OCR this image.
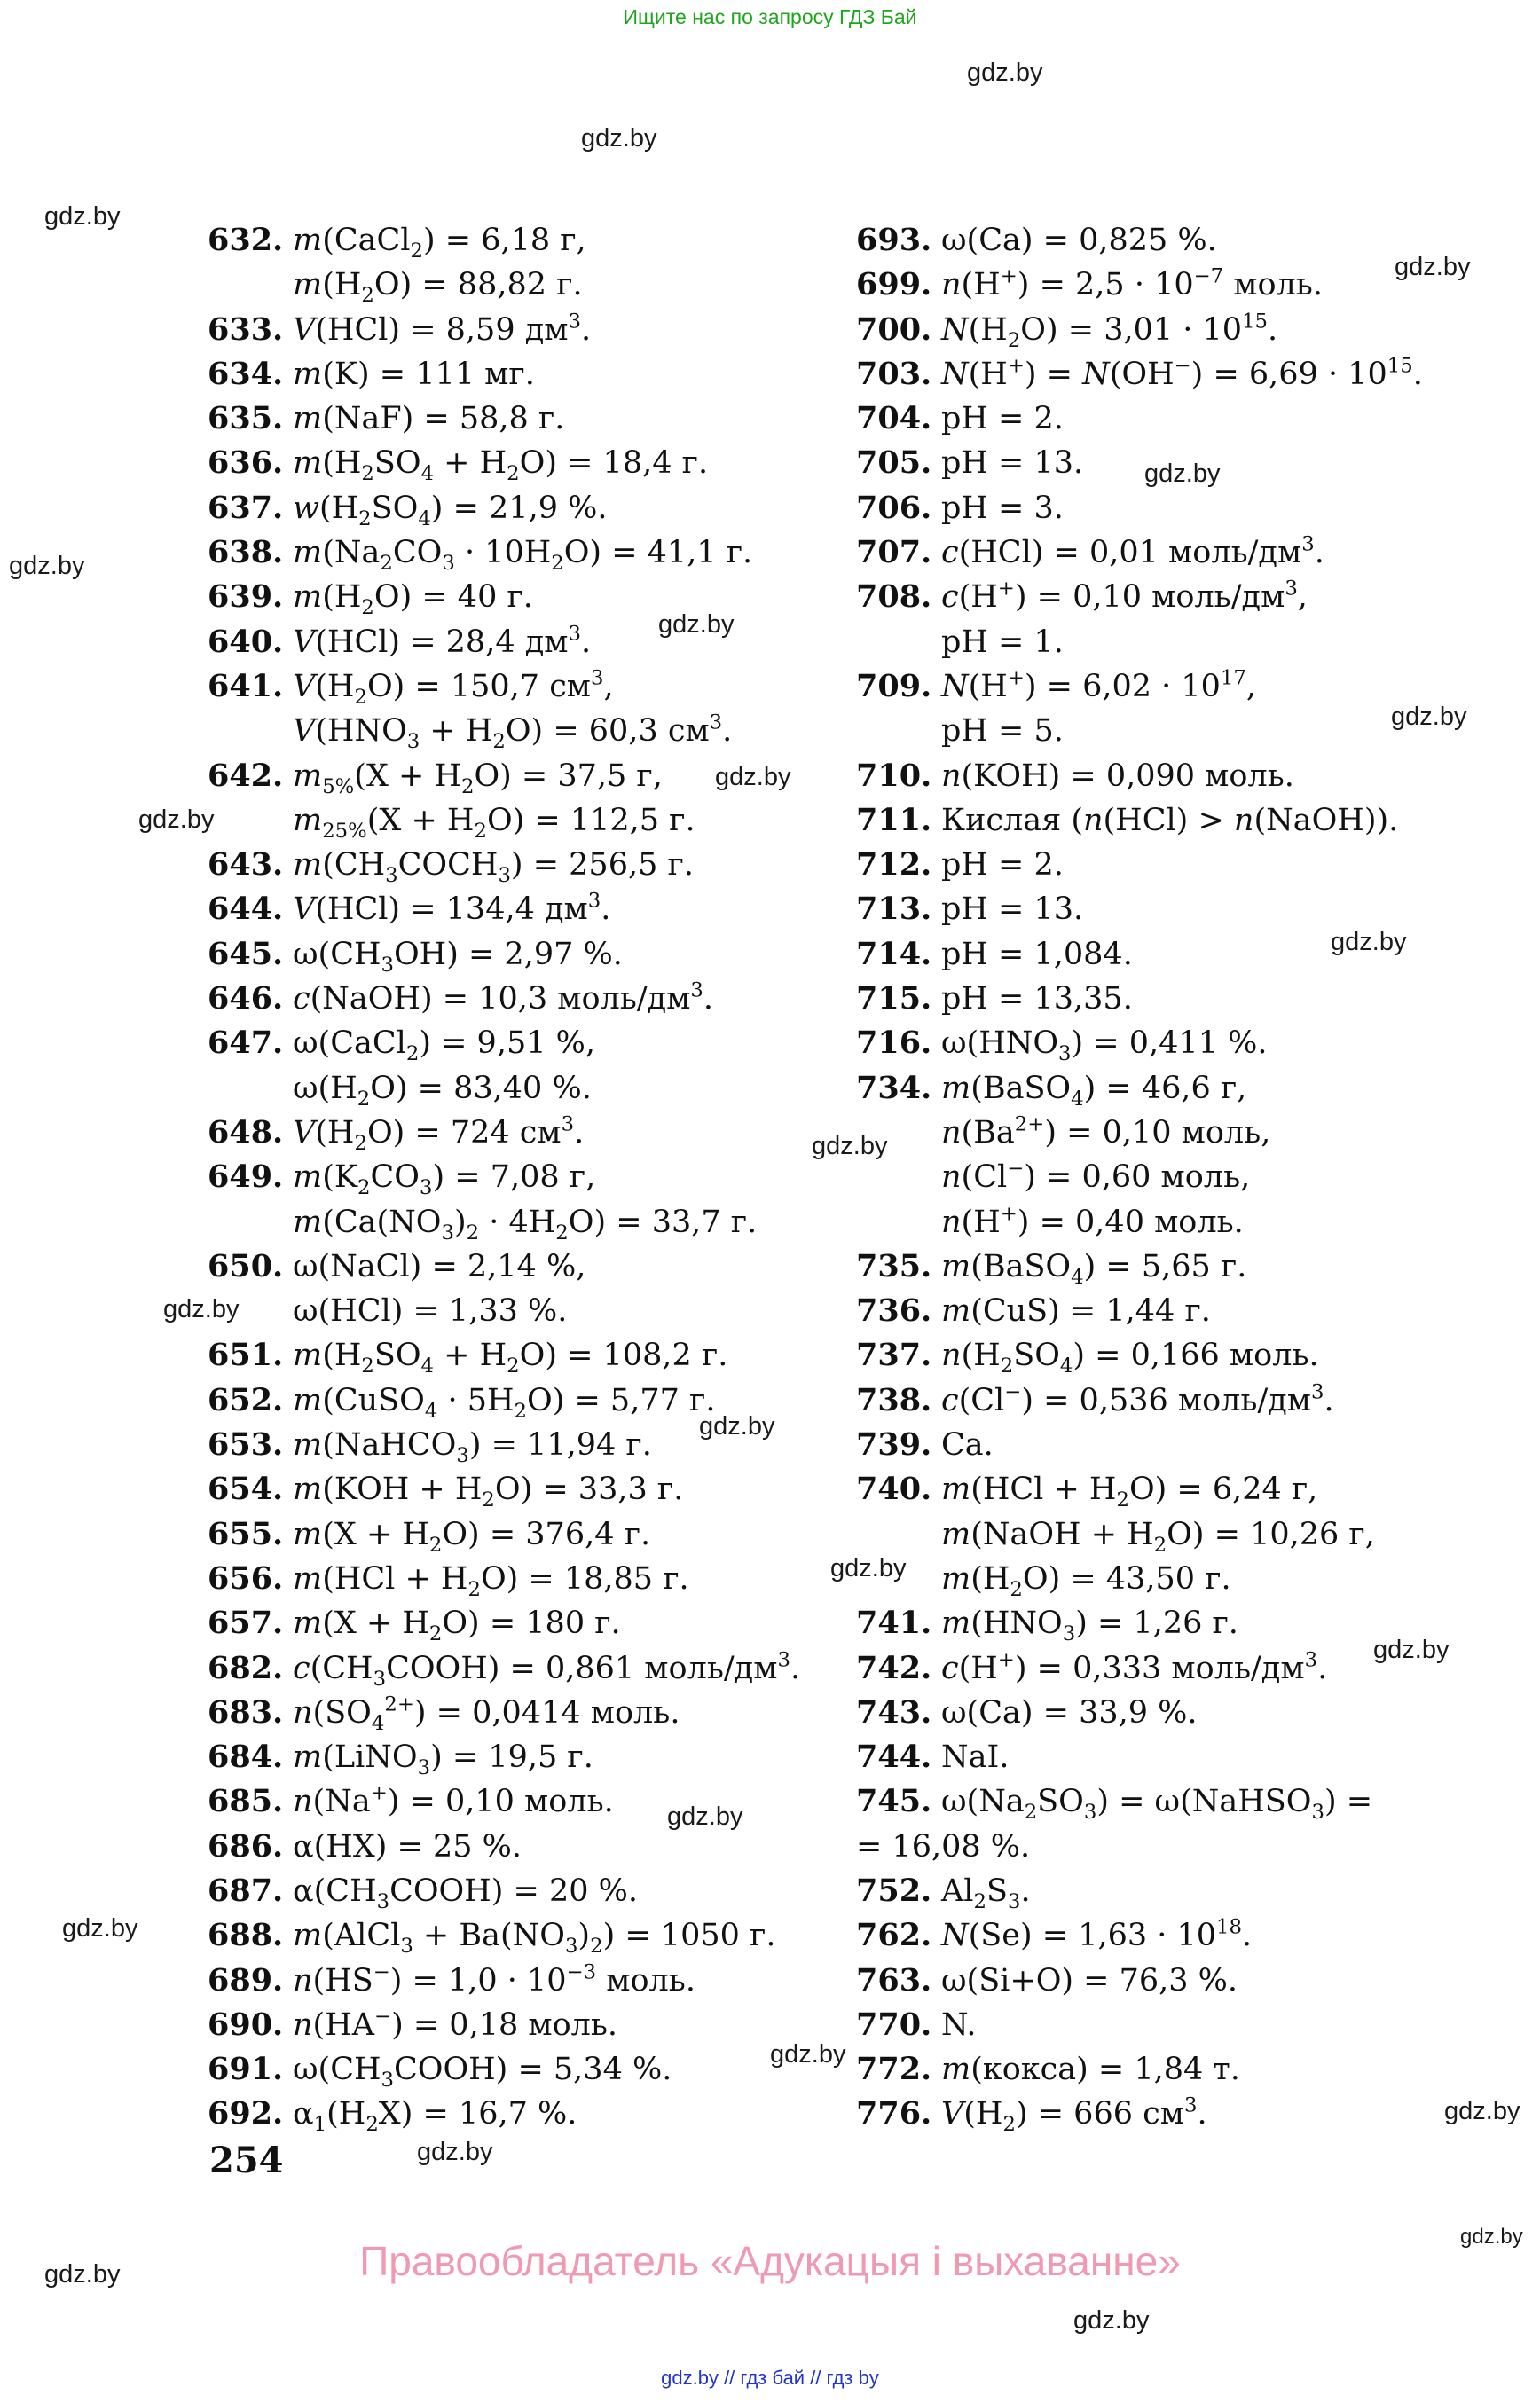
Ищите нас по запросу ГДЗ Бай
gdz.by
gdz.by
gdz.by
gdz.by
gdz.by
gdz.by
gdz.by
gdz.by
gdz.by
gdz.by
gdz.by
gdz.by
gdz.by
gdz.by
gdz.by
gdz.by
gdz.by
gdz.by
gdz.by
gdz.by
gdz.by
gdz.by
gdz.by
gdz.by
632. m(CaCl$_2$) = 6,18 г,
$m(H_2O) = 88,82$ г.
633. V(HCl) = 8,59 $дм^3$.
634. m(K) = 111 мг.
635. m(NaF) = 58,8 г.
636. $m(H_2SO_4 + H_2O) = 18,4$ г.
637. $w(H_2SO_4) = 21,9$ %.
638. $m(Na_2CO_3 \cdot 10H_2O) = 41,1$ г.
639. $m(H_2O) = 40$ г.
640. V(HCl) = 28,4 $дм^3$.
641. $V(H_2O) = 150,7$ $см^3$,
$V(HNO_3 + H_2O) = 60,3$ $см^3$.
642. $m_{5\%}(X + H_2O) = 37,5$ г,
$m_{25\%}(X + H_2O) = 112,5$ г.
643. $m(CH_3COCH_3) = 256,5$ г.
644. V(HCl) = 134,4 $дм^3$.
645. $\omega(CH_3OH) = 2,97$ %.
646. c(NaOH) = 10,3 моль/$дм^3$.
647. ω(CaCl$_2$) = 9,51 %,
$\omega(H_2O) = 83,40$ %.
648. $V(H_2O) = 724$ $см^3$.
649. $m(K_2CO_3) = 7,08$ г,
$m(Ca(NO_3)_2 \cdot 4H_2O) = 33,7$ г.
650. ω(NaCl) = 2,14 %,
ω(HCl) = 1,33 %.
651. $m(H_2SO_4 + H_2O) = 108,2$ г.
652. m(CuSO$_4$ · $5H_2O) = 5,77$ г.
653. m(NaHCO$_3$) = 11,94 г.
654. $m(KOH + H_2O) = 33,3$ г.
655. $m(X + H_2O) = 376,4$ г.
656. $m(HCl + H_2O) = 18,85$ г.
657. $m(X + H_2O) = 180$ г.
682. $c(CH_3COOH) = 0,861$ моль/$дм^3$.
683. $n(SO_4^{2+}) = 0,0414$ моль.
684. m(LiNO$_3$) = 19,5 г.
685. n(Na+) = 0,10 моль.
686. α(HX) = 25 %.
687. $\alpha(CH_3COOH) = 20$ %.
688. m(AlCl$_3$ + $Ba(NO_3)_2) = 1050$ г.
689. $n(HS^-) = 1,0 \cdot 10^{-3}$ моль.
690. n(HA−) = 0,18 моль.
691. $\omega(CH_3COOH) = 5,34$ %.
692. $\alpha_1(H_2X) = 16,7$ %.
693. ω(Ca) = 0,825 %.
699. $n(H^+) = 2,5 \cdot 10^{-7}$ моль.
700. $N(H_2O) = 3,01 \cdot 10^{15}$.
703. $N(H^+) = N(OH^-) = 6,69 \cdot 10^{15}$.
704. pH = 2.
705. pH = 13.
706. pH = 3.
707. c(HCl) = 0,01 моль/$дм^3$.
708. c(H+) = 0,10 моль/$дм^3$,
pH = 1.
709. $N(H^+) = 6,02 \cdot 10^{17}$,
pH = 5.
710. n(KOH) = 0,090 моль.
711. Кислая (n(HCl) > n(NaOH)).
712. pH = 2.
713. pH = 13.
714. pH = 1,084.
715. pH = 13,35.
716. $\omega(HNO_3) = 0,411$ %.
734. m(BaSO$_4$) = 46,6 г,
$n(Ba^{2+}) = 0,10$ моль,
n(Cl−) = 0,60 моль,
n(H+) = 0,40 моль.
735. m(BaSO$_4$) = 5,65 г.
736. m(CuS) = 1,44 г.
737. $n(H_2SO_4) = 0,166$ моль.
738. c(Cl−) = 0,536 моль/$дм^3$.
739. Ca.
740. $m(HCl + H_2O) = 6,24$ г,
m(NaOH + $H_2O) = 10,26$ г,
$m(H_2O) = 43,50$ г.
741. $m(HNO_3) = 1,26$ г.
742. c(H+) = 0,333 моль/$дм^3$.
743. ω(Ca) = 33,9 %.
744. NaI.
745. $\omega(Na_2SO_3)$ = ω(NaHSO$_3$) =
= 16,08 %.
752. $Al_2S_3$.
762. $N(Se) = 1,63 \cdot 10^{18}$.
763. ω(Si+O) = 76,3 %.
770. N.
772. m(кокса) = 1,84 т.
776. $V(H_2) = 666$ $см^3$.
254
Правообладатель «Адукацыя і выхаванне»
gdz.by // гдз бай // гдз by
